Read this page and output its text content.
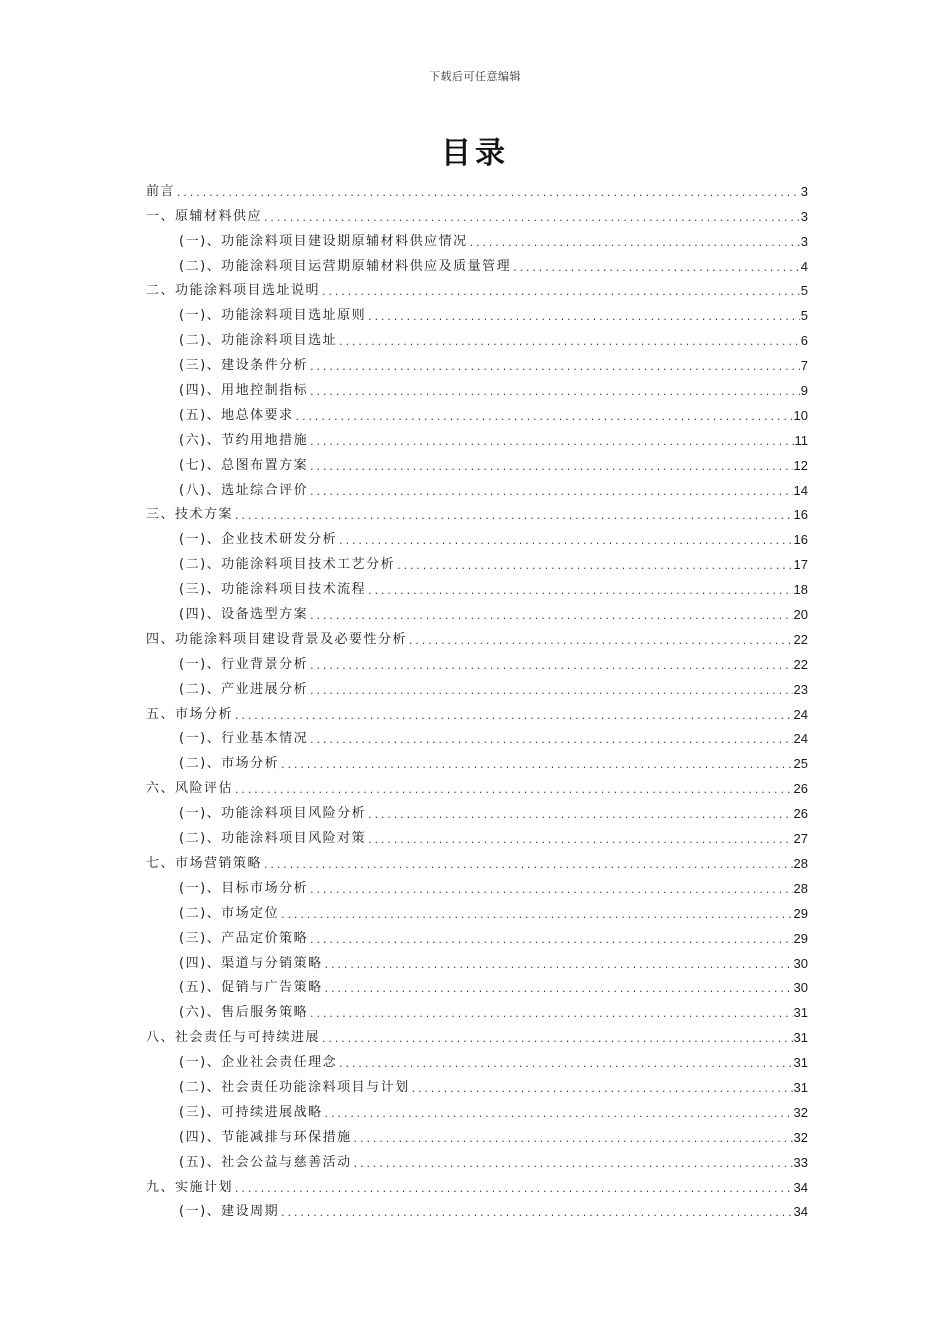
下载后可任意编辑
目录
前言 .....	3
一、原辅材料供应 .....	3
(一)、功能涂料项目建设期原辅材料供应情况 .....	3
(二)、功能涂料项目运营期原辅材料供应及质量管理 .....	4
二、功能涂料项目选址说明 .....	5
(一)、功能涂料项目选址原则 .....	5
(二)、功能涂料项目选址 .....	6
(三)、建设条件分析 .....	7
(四)、用地控制指标 .....	9
(五)、地总体要求 .....	10
(六)、节约用地措施 .....	11
(七)、总图布置方案 .....	12
(八)、选址综合评价 .....	14
三、技术方案 .....	16
(一)、企业技术研发分析 .....	16
(二)、功能涂料项目技术工艺分析 .....	17
(三)、功能涂料项目技术流程 .....	18
(四)、设备选型方案 .....	20
四、功能涂料项目建设背景及必要性分析 .....	22
(一)、行业背景分析 .....	22
(二)、产业进展分析 .....	23
五、市场分析 .....	24
(一)、行业基本情况 .....	24
(二)、市场分析 .....	25
六、风险评估 .....	26
(一)、功能涂料项目风险分析 .....	26
(二)、功能涂料项目风险对策 .....	27
七、市场营销策略 .....	28
(一)、目标市场分析 .....	28
(二)、市场定位 .....	29
(三)、产品定价策略 .....	29
(四)、渠道与分销策略 .....	30
(五)、促销与广告策略 .....	30
(六)、售后服务策略 .....	31
八、社会责任与可持续进展 .....	31
(一)、企业社会责任理念 .....	31
(二)、社会责任功能涂料项目与计划 .....	31
(三)、可持续进展战略 .....	32
(四)、节能减排与环保措施 .....	32
(五)、社会公益与慈善活动 .....	33
九、实施计划 .....	34
(一)、建设周期 .....	34
